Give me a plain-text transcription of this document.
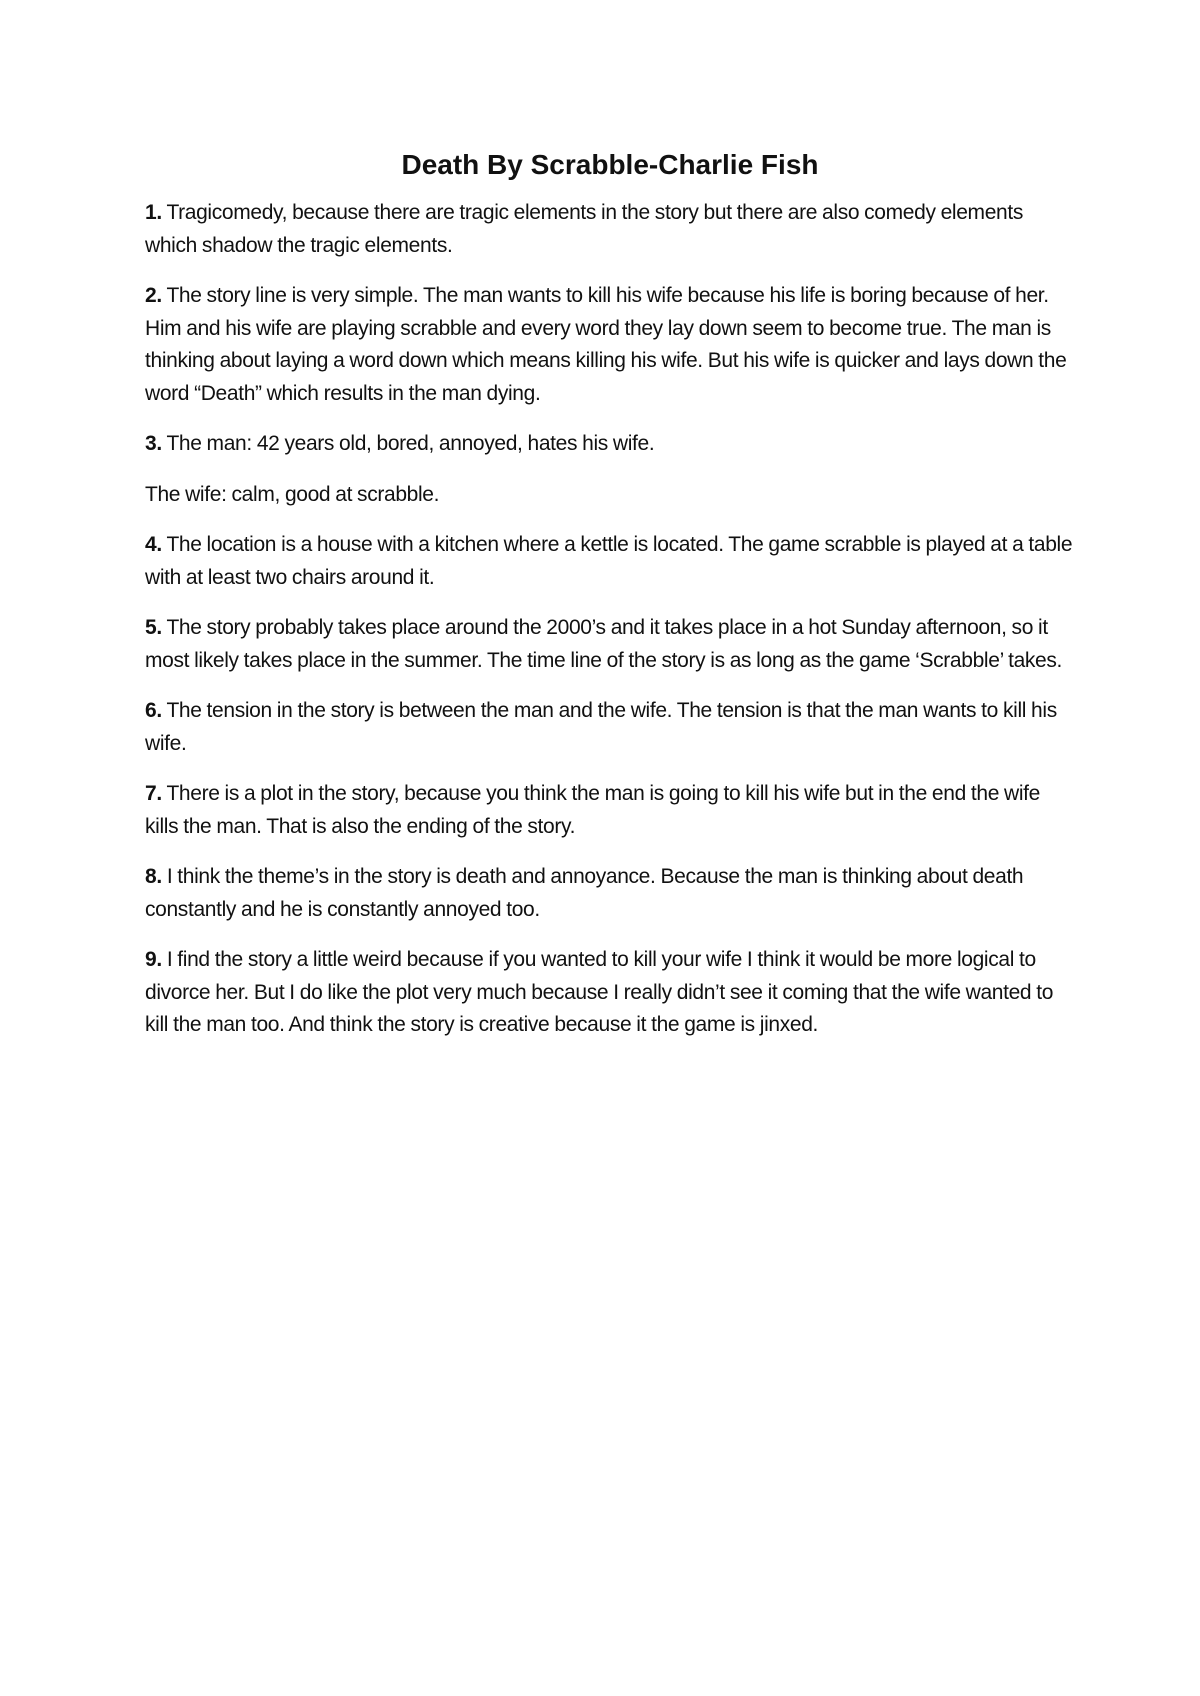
Death By Scrabble-Charlie Fish

1. Tragicomedy, because there are tragic elements in the story but there are also comedy elements which shadow the tragic elements.

2. The story line is very simple. The man wants to kill his wife because his life is boring because of her. Him and his wife are playing scrabble and every word they lay down seem to become true. The man is thinking about laying a word down which means killing his wife. But his wife is quicker and lays down the word “Death” which results in the man dying.

3. The man: 42 years old, bored, annoyed, hates his wife.

The wife: calm, good at scrabble.

4. The location is a house with a kitchen where a kettle is located. The game scrabble is played at a table with at least two chairs around it.

5. The story probably takes place around the 2000’s and it takes place in a hot Sunday afternoon, so it most likely takes place in the summer. The time line of the story is as long as the game ‘Scrabble’ takes.

6. The tension in the story is between the man and the wife. The tension is that the man wants to kill his wife.

7. There is a plot in the story, because you think the man is going to kill his wife but in the end the wife kills the man. That is also the ending of the story.

8. I think the theme’s in the story is death and annoyance. Because the man is thinking about death constantly and he is constantly annoyed too.

9. I find the story a little weird because if you wanted to kill your wife I think it would be more logical to divorce her. But I do like the plot very much because I really didn’t see it coming that the wife wanted to kill the man too. And think the story is creative because it the game is jinxed.
